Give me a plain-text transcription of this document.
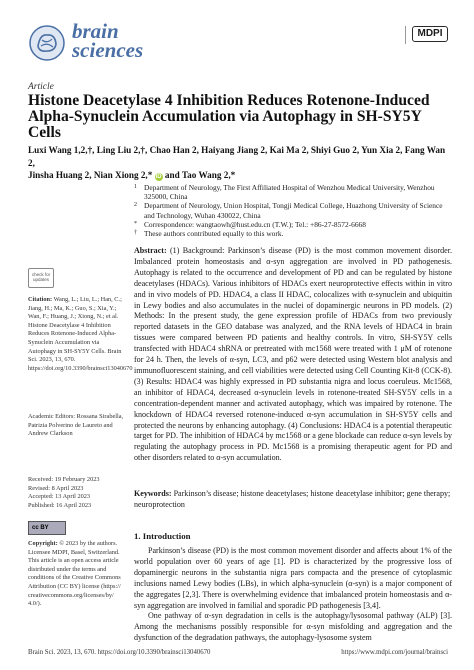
brain
sciences
MDPI
Article
Histone Deacetylase 4 Inhibition Reduces Rotenone-Induced Alpha-Synuclein Accumulation via Autophagy in SH-SY5Y Cells
Luxi Wang 1,2,†, Ling Liu 2,†, Chao Han 2, Haiyang Jiang 2, Kai Ma 2, Shiyi Guo 2, Yun Xia 2, Fang Wan 2,
Jinsha Huang 2, Nian Xiong 2,* iD and Tao Wang 2,*
1 Department of Neurology, The First Affiliated Hospital of Wenzhou Medical University, Wenzhou 325000, China
2 Department of Neurology, Union Hospital, Tongji Medical College, Huazhong University of Science and Technology, Wuhan 430022, China
* Correspondence: wangtaowh@hust.edu.cn (T.W.); Tel.: +86-27-8572-6668
† These authors contributed equally to this work.
Abstract: (1) Background: Parkinson’s disease (PD) is the most common movement disorder. Imbalanced protein homeostasis and α-syn aggregation are involved in PD pathogenesis. Autophagy is related to the occurrence and development of PD and can be regulated by histone deacetylases (HDACs). Various inhibitors of HDACs exert neuroprotective effects within in vitro and in vivo models of PD. HDAC4, a class II HDAC, colocalizes with α-synuclein and ubiquitin in Lewy bodies and also accumulates in the nuclei of dopaminergic neurons in PD models. (2) Methods: In the present study, the gene expression profile of HDACs from two previously reported datasets in the GEO database was analyzed, and the RNA levels of HDAC4 in brain tissues were compared between PD patients and healthy controls. In vitro, SH-SY5Y cells transfected with HDAC4 shRNA or pretreated with mc1568 were treated with 1 μM of rotenone for 24 h. Then, the levels of α-syn, LC3, and p62 were detected using Western blot analysis and immunofluorescent staining, and cell viabilities were detected using Cell Counting Kit-8 (CCK-8). (3) Results: HDAC4 was highly expressed in PD substantia nigra and locus coeruleus. Mc1568, an inhibitor of HDAC4, decreased α-synuclein levels in rotenone-treated SH-SY5Y cells in a concentration-dependent manner and activated autophagy, which was impaired by rotenone. The knockdown of HDAC4 reversed rotenone-induced α-syn accumulation in SH-SY5Y cells and protected the neurons by enhancing autophagy. (4) Conclusions: HDAC4 is a potential therapeutic target for PD. The inhibition of HDAC4 by mc1568 or a gene blockade can reduce α-syn levels by regulating the autophagy process in PD. Mc1568 is a promising therapeutic agent for PD and other disorders related to α-syn accumulation.
Keywords: Parkinson’s disease; histone deacetylases; histone deacetylase inhibitor; gene therapy; neuroprotection
check for updates
Citation: Wang, L.; Liu, L.; Han, C.; Jiang, H.; Ma, K.; Guo, S.; Xia, Y.; Wan, F.; Huang, J.; Xiong, N.; et al. Histone Deacetylase 4 Inhibition Reduces Rotenone-Induced Alpha-Synuclein Accumulation via Autophagy in SH-SY5Y Cells. Brain Sci. 2023, 13, 670. https://doi.org/10.3390/brainsci13040670
Academic Editors: Rossana Sirabella, Patrizia Polverino de Laureto and Andrew Clarkson
Received: 19 February 2023
Revised: 8 April 2023
Accepted: 13 April 2023
Published: 16 April 2023
cc BY
Copyright: © 2023 by the authors. Licensee MDPI, Basel, Switzerland. This article is an open access article distributed under the terms and conditions of the Creative Commons Attribution (CC BY) license (https:// creativecommons.org/licenses/by/ 4.0/).
1. Introduction

Parkinson’s disease (PD) is the most common movement disorder and affects about 1% of the world population over 60 years of age [1]. PD is characterized by the progressive loss of dopaminergic neurons in the substantia nigra pars compacta and the presence of cytoplasmic inclusions named Lewy bodies (LBs), in which alpha-synuclein (α-syn) is a major component of the aggregates [2,3]. There is overwhelming evidence that imbalanced protein homeostasis and α-syn aggregation are involved in familial and sporadic PD pathogenesis [3,4].

One pathway of α-syn degradation in cells is the autophagy/lysosomal pathway (ALP) [3]. Among the mechanisms possibly responsible for α-syn misfolding and aggregation and the dysfunction of the degradation pathways, the autophagy-lysosome system

Brain Sci. 2023, 13, 670. https://doi.org/10.3390/brainsci13040670	https://www.mdpi.com/journal/brainsci
